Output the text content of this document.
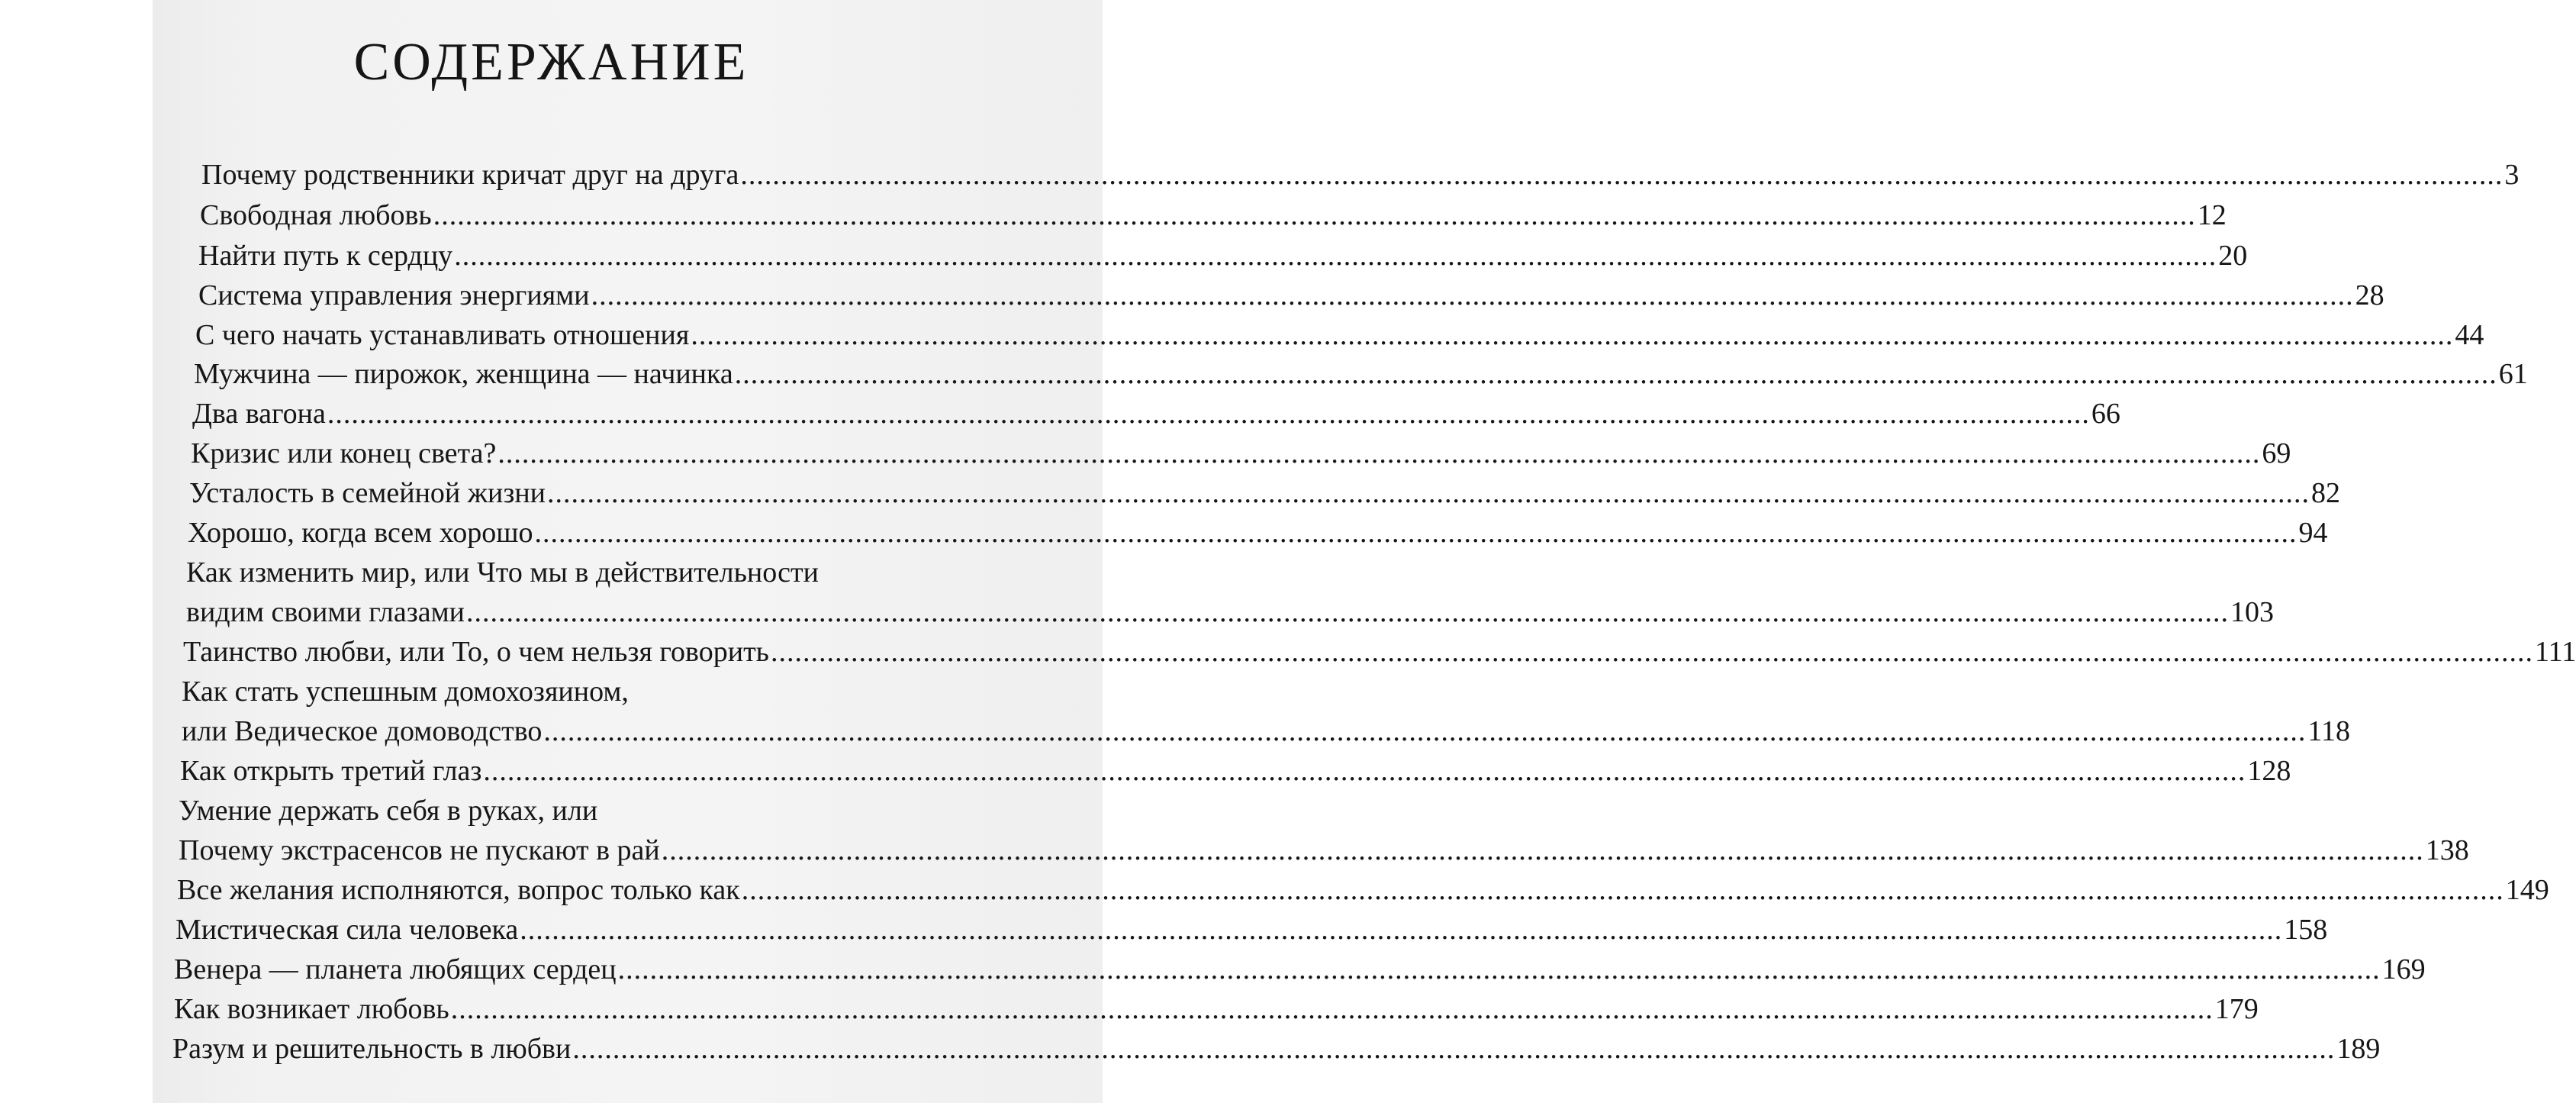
СОДЕРЖАНИЕ
Почему родственники кричат друг на друга ............................................................................................................................................................................................................................ 3
Свободная любовь ............................................................................................................................................................................................................................ 12
Найти путь к сердцу ............................................................................................................................................................................................................................ 20
Система управления энергиями ............................................................................................................................................................................................................................ 28
С чего начать устанавливать отношения ............................................................................................................................................................................................................................ 44
Мужчина — пирожок, женщина — начинка ............................................................................................................................................................................................................................ 61
Два вагона ............................................................................................................................................................................................................................ 66
Кризис или конец света? ............................................................................................................................................................................................................................ 69
Усталость в семейной жизни ............................................................................................................................................................................................................................ 82
Хорошо, когда всем хорошо ............................................................................................................................................................................................................................ 94
Как изменить мир, или Что мы в действительности
видим своими глазами ............................................................................................................................................................................................................................ 103
Таинство любви, или То, о чем нельзя говорить ............................................................................................................................................................................................................................ 111
Как стать успешным домохозяином,
или Ведическое домоводство ............................................................................................................................................................................................................................ 118
Как открыть третий глаз ............................................................................................................................................................................................................................ 128
Умение держать себя в руках, или
Почему экстрасенсов не пускают в рай ............................................................................................................................................................................................................................ 138
Все желания исполняются, вопрос только как ............................................................................................................................................................................................................................ 149
Мистическая сила человека ............................................................................................................................................................................................................................ 158
Венера — планета любящих сердец ............................................................................................................................................................................................................................ 169
Как возникает любовь ............................................................................................................................................................................................................................ 179
Разум и решительность в любви ............................................................................................................................................................................................................................ 189
